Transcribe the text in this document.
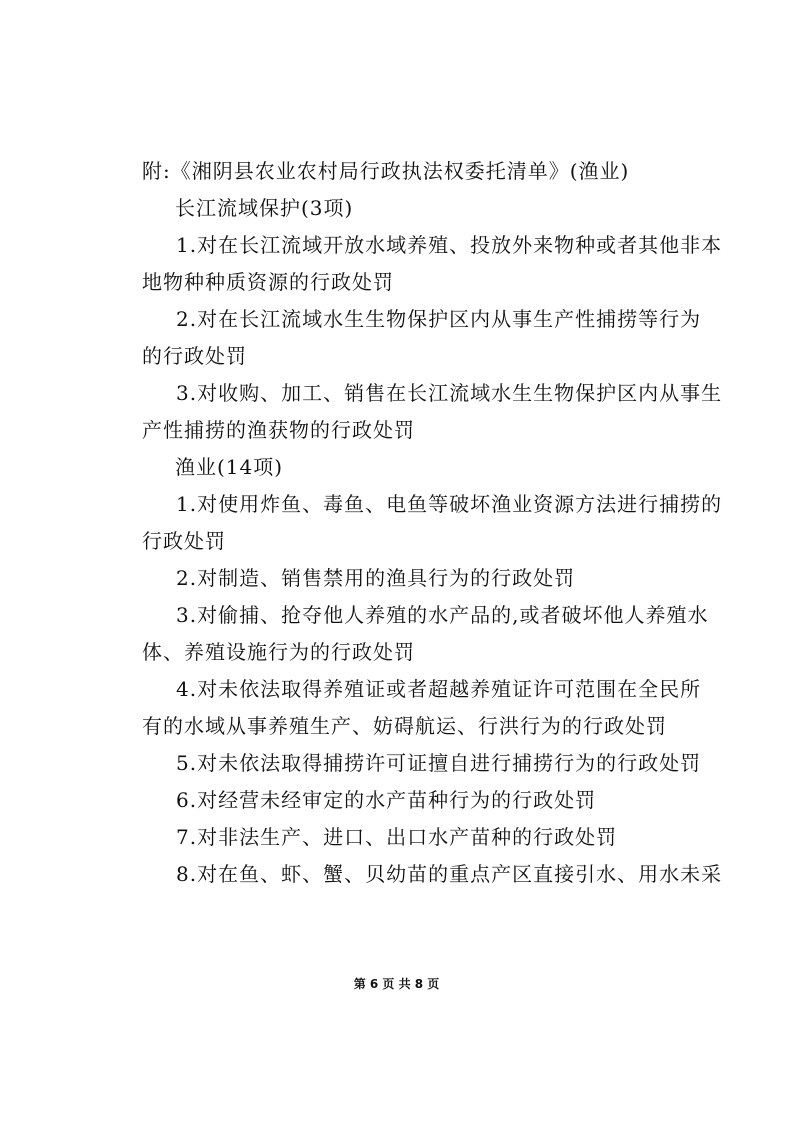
附:《湘阴县农业农村局行政执法权委托清单》(渔业)

长江流域保护(3项)

1.对在长江流域开放水域养殖、投放外来物种或者其他非本

地物种种质资源的行政处罚

2.对在长江流域水生生物保护区内从事生产性捕捞等行为

的行政处罚

3.对收购、加工、销售在长江流域水生生物保护区内从事生

产性捕捞的渔获物的行政处罚

渔业(14项)

1.对使用炸鱼、毒鱼、电鱼等破坏渔业资源方法进行捕捞的

行政处罚

2.对制造、销售禁用的渔具行为的行政处罚

3.对偷捕、抢夺他人养殖的水产品的,或者破坏他人养殖水

体、养殖设施行为的行政处罚

4.对未依法取得养殖证或者超越养殖证许可范围在全民所

有的水域从事养殖生产、妨碍航运、行洪行为的行政处罚

5.对未依法取得捕捞许可证擅自进行捕捞行为的行政处罚

6.对经营未经审定的水产苗种行为的行政处罚

7.对非法生产、进口、出口水产苗种的行政处罚

8.对在鱼、虾、蟹、贝幼苗的重点产区直接引水、用水未采

第 6 页 共 8 页
